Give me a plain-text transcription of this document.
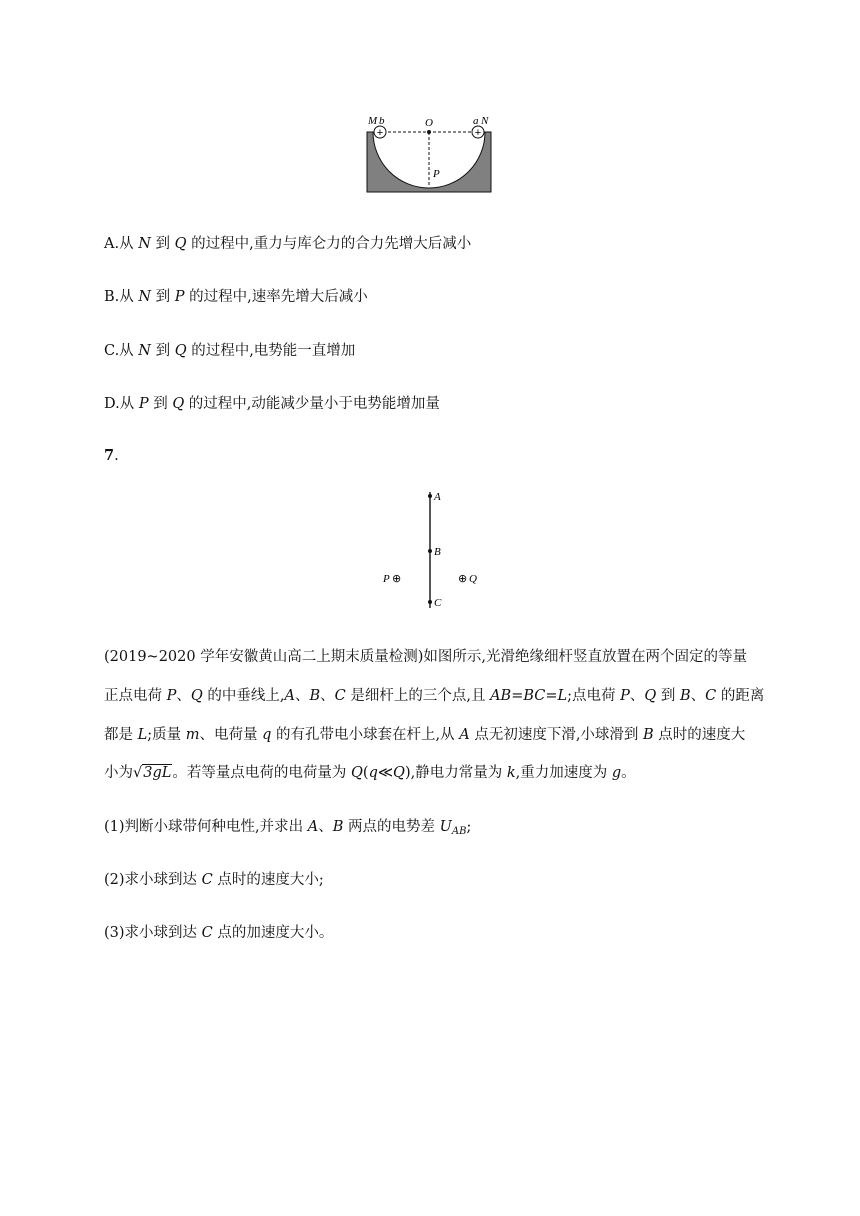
+	+
M b	O	a N
P
A.从 N 到 Q 的过程中,重力与库仑力的合力先增大后减小
B.从 N 到 P 的过程中,速率先增大后减小
C.从 N 到 Q 的过程中,电势能一直增加
D.从 P 到 Q 的过程中,动能减少量小于电势能增加量
7.
A
B
C
P ⊕	⊕ Q
(2019~2020 学年安徽黄山高二上期末质量检测)如图所示,光滑绝缘细杆竖直放置在两个固定的等量
正点电荷 P、Q 的中垂线上,A、B、C 是细杆上的三个点,且 AB=BC=L;点电荷 P、Q 到 B、C 的距离
都是 L;质量 m、电荷量 q 的有孔带电小球套在杆上,从 A 点无初速度下滑,小球滑到 B 点时的速度大
小为√3gL。若等量点电荷的电荷量为 Q(q≪Q),静电力常量为 k,重力加速度为 g。
(1)判断小球带何种电性,并求出 A、B 两点的电势差 $U_{AB}$;
(2)求小球到达 C 点时的速度大小;
(3)求小球到达 C 点的加速度大小。
